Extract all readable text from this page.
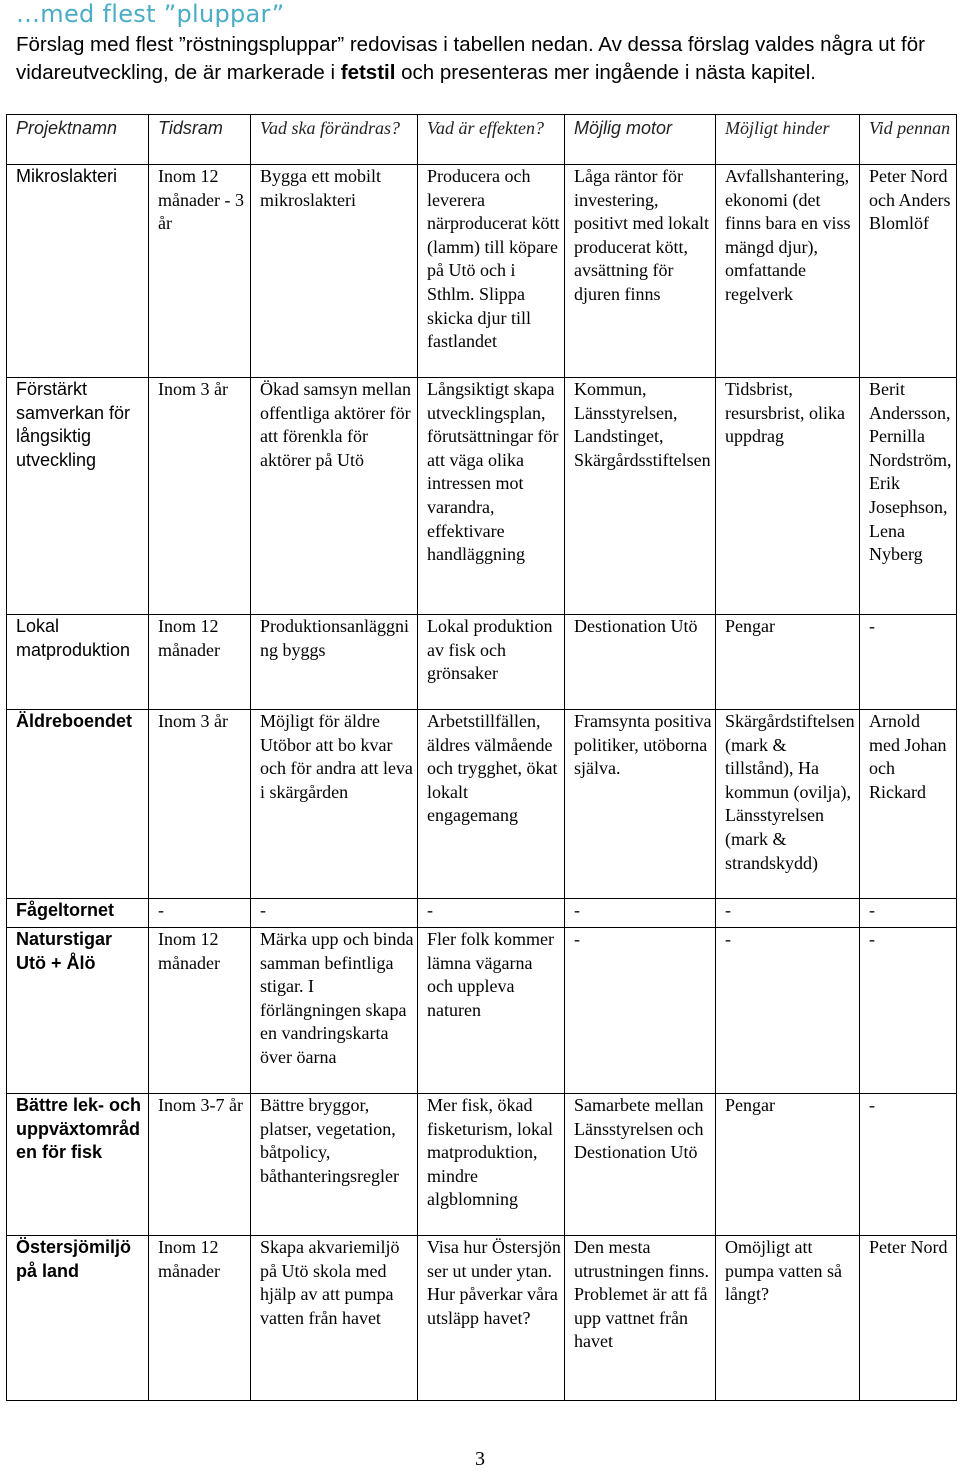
…med flest ”pluppar”
Förslag med flest ”röstningspluppar” redovisas i tabellen nedan. Av dessa förslag valdes några ut för vidareutveckling, de är markerade i fetstil och presenteras mer ingående i nästa kapitel.
Projektnamn	Tidsram	Vad ska förändras?	Vad är effekten?	Möjlig motor	Möjligt hinder	Vid pennan
Mikroslakteri	Inom 12 månader - 3 år	Bygga ett mobilt mikroslakteri	Producera och leverera närproducerat kött (lamm) till köpare på Utö och i Sthlm. Slippa skicka djur till fastlandet	Låga räntor för investering, positivt med lokalt producerat kött, avsättning för djuren finns	Avfallshantering, ekonomi (det finns bara en viss mängd djur), omfattande regelverk	Peter Nord och Anders Blomlöf
Förstärkt samverkan för långsiktig utveckling	Inom 3 år	Ökad samsyn mellan offentliga aktörer för att förenkla för aktörer på Utö	Långsiktigt skapa utvecklingsplan, förutsättningar för att väga olika intressen mot varandra, effektivare handläggning	Kommun, Länsstyrelsen, Landstinget, Skärgårdsstiftelsen	Tidsbrist, resursbrist, olika uppdrag	Berit Andersson, Pernilla Nordström, Erik Josephson, Lena Nyberg
Lokal matproduktion	Inom 12 månader	Produktionsanläggning byggs	Lokal produktion av fisk och grönsaker	Destionation Utö	Pengar	-
Äldreboendet	Inom 3 år	Möjligt för äldre Utöbor att bo kvar och för andra att leva i skärgården	Arbetstillfällen, äldres välmående och trygghet, ökat lokalt engagemang	Framsynta positiva politiker, utöborna själva.	Skärgårdstiftelsen (mark & tillstånd), Ha kommun (ovilja), Länsstyrelsen (mark & strandskydd)	Arnold med Johan och Rickard
Fågeltornet	-	-	-	-	-	-
Naturstigar Utö + Ålö	Inom 12 månader	Märka upp och binda samman befintliga stigar. I förlängningen skapa en vandringskarta över öarna	Fler folk kommer lämna vägarna och uppleva naturen	-	-	-
Bättre lek- och uppväxtområden för fisk	Inom 3-7 år	Bättre bryggor, platser, vegetation, båtpolicy, båthanteringsregler	Mer fisk, ökad fisketurism, lokal matproduktion, mindre algblomning	Samarbete mellan Länsstyrelsen och Destionation Utö	Pengar	-
Östersjömiljö på land	Inom 12 månader	Skapa akvariemiljö på Utö skola med hjälp av att pumpa vatten från havet	Visa hur Östersjön ser ut under ytan. Hur påverkar våra utsläpp havet?	Den mesta utrustningen finns. Problemet är att få upp vattnet från havet	Omöjligt att pumpa vatten så långt?	Peter Nord
3
